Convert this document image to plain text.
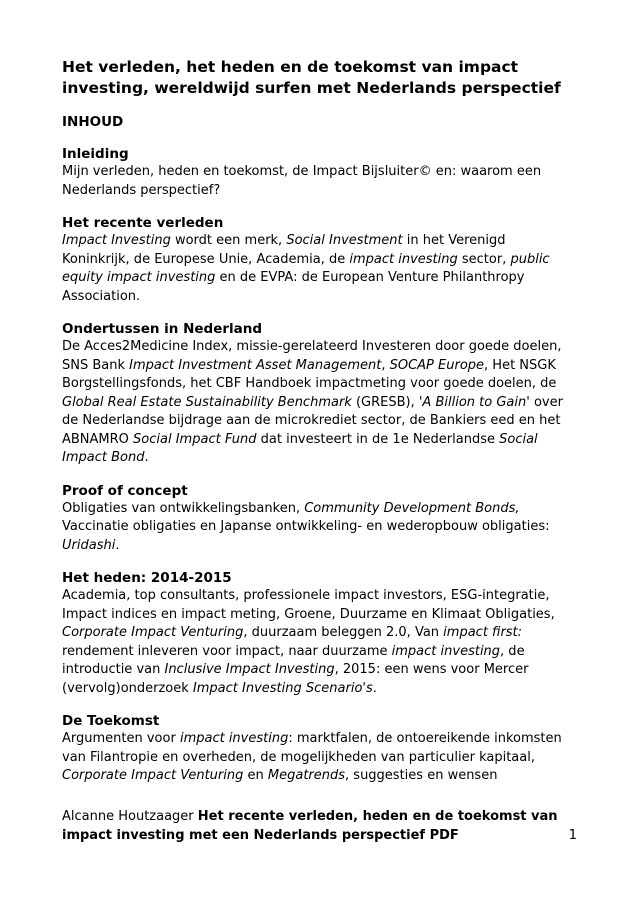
Het verleden, het heden en de toekomst van impact
investing, wereldwijd surfen met Nederlands perspectief
INHOUD
Inleiding

Mijn verleden, heden en toekomst, de Impact Bijsluiter© en: waarom een
Nederlands perspectief?

Het recente verleden

Impact Investing wordt een merk, Social Investment in het Verenigd
Koninkrijk, de Europese Unie, Academia, de impact investing sector, public
equity impact investing en de EVPA: de European Venture Philanthropy
Association.

Ondertussen in Nederland

De Acces2Medicine Index, missie-gerelateerd Investeren door goede doelen,
SNS Bank Impact Investment Asset Management, SOCAP Europe, Het NSGK
Borgstellingsfonds, het CBF Handboek impactmeting voor goede doelen, de
Global Real Estate Sustainability Benchmark (GRESB), 'A Billion to Gain' over
de Nederlandse bijdrage aan de microkrediet sector, de Bankiers eed en het
ABNAMRO Social Impact Fund dat investeert in de 1e Nederlandse Social
Impact Bond.

Proof of concept

Obligaties van ontwikkelingsbanken, Community Development Bonds,
Vaccinatie obligaties en Japanse ontwikkeling- en wederopbouw obligaties:
Uridashi.

Het heden: 2014-2015

Academia, top consultants, professionele impact investors, ESG-integratie,
Impact indices en impact meting, Groene, Duurzame en Klimaat Obligaties,
Corporate Impact Venturing, duurzaam beleggen 2.0, Van impact first:
rendement inleveren voor impact, naar duurzame impact investing, de
introductie van Inclusive Impact Investing, 2015: een wens voor Mercer
(vervolg)onderzoek Impact Investing Scenario's.

De Toekomst

Argumenten voor impact investing: marktfalen, de ontoereikende inkomsten
van Filantropie en overheden, de mogelijkheden van particulier kapitaal,
Corporate Impact Venturing en Megatrends, suggesties en wensen

Alcanne Houtzaager Het recente verleden, heden en de toekomst van
impact investing met een Nederlands perspectief PDF	1
